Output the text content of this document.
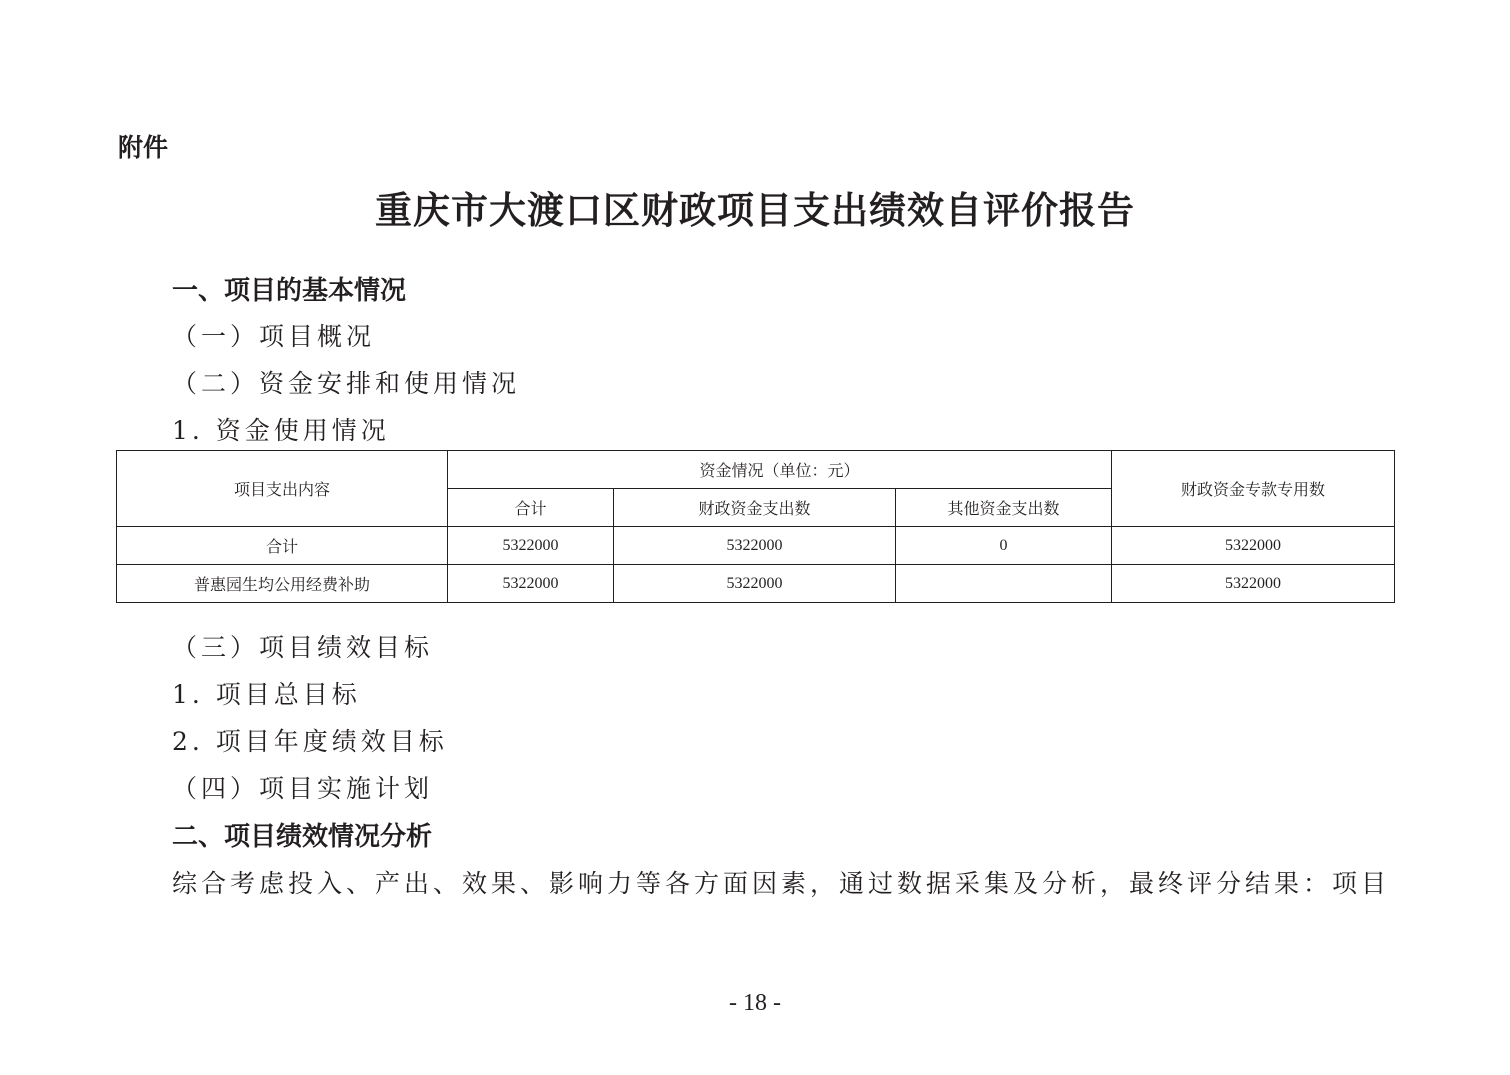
附件
重庆市大渡口区财政项目支出绩效自评价报告
一、项目的基本情况
（一）项目概况
（二）资金安排和使用情况
1. 资金使用情况
项目支出内容	资金情况（单位：元）			财政资金专款专用数
	合计	财政资金支出数	其他资金支出数	
合计	5322000	5322000	0	5322000
普惠园生均公用经费补助	5322000	5322000		5322000
（三）项目绩效目标
1. 项目总目标
2. 项目年度绩效目标
（四）项目实施计划
二、项目绩效情况分析
综合考虑投入、产出、效果、影响力等各方面因素，通过数据采集及分析，最终评分结果：项目
- 18 -
